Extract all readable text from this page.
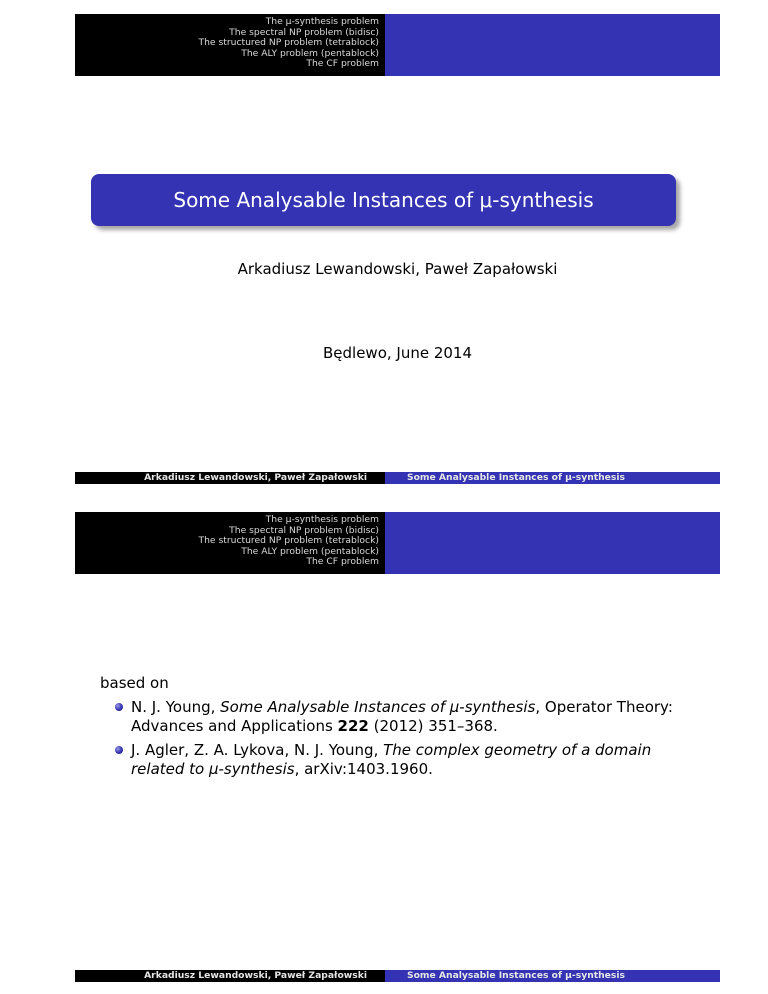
The μ-synthesis problem
The spectral NP problem (bidisc)
The structured NP problem (tetrablock)
The ALY problem (pentablock)
The CF problem
Some Analysable Instances of μ-synthesis
Arkadiusz Lewandowski, Paweł Zapałowski
Będlewo, June 2014
Arkadiusz Lewandowski, Paweł Zapałowski	Some Analysable Instances of μ-synthesis
The μ-synthesis problem
The spectral NP problem (bidisc)
The structured NP problem (tetrablock)
The ALY problem (pentablock)
The CF problem
based on
N. J. Young, Some Analysable Instances of μ-synthesis, Operator Theory: Advances and Applications 222 (2012) 351–368.
J. Agler, Z. A. Lykova, N. J. Young, The complex geometry of a domain related to μ-synthesis, arXiv:1403.1960.
Arkadiusz Lewandowski, Paweł Zapałowski	Some Analysable Instances of μ-synthesis
